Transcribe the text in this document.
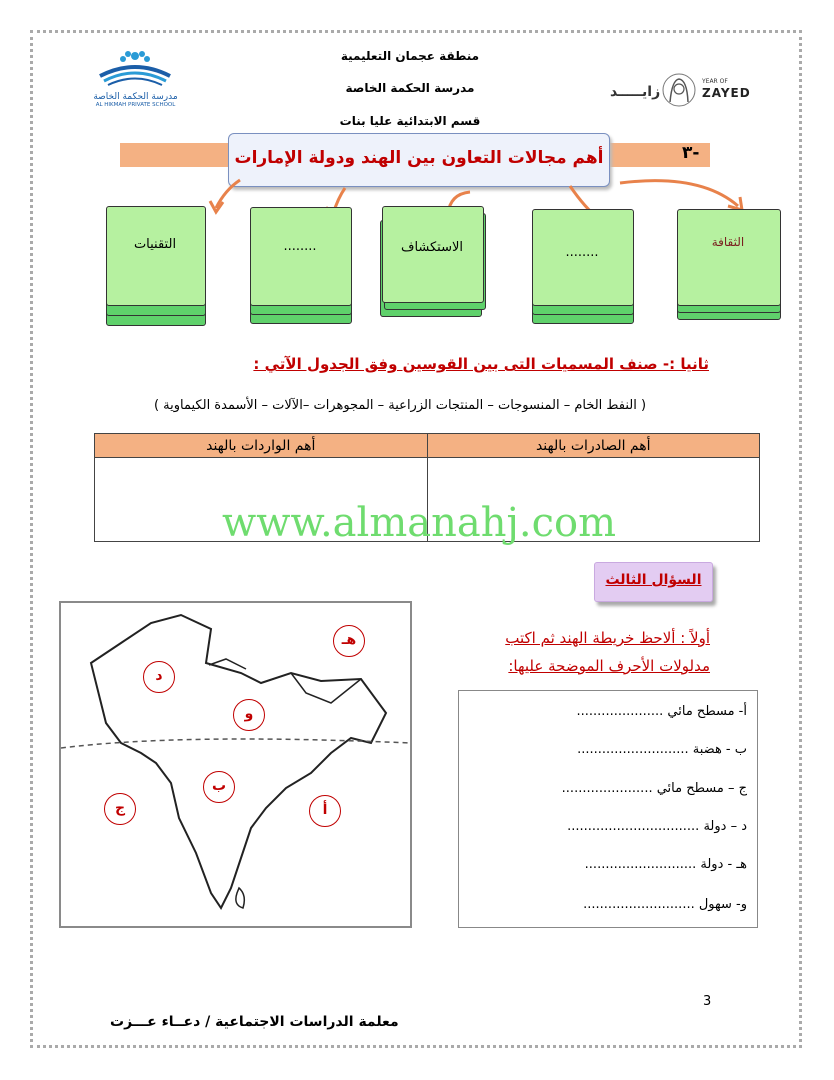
مدرسة الحكمة الخاصة
AL HIKMAH PRIVATE SCHOOL
منطقة عجمان التعليمية
مدرسة الحكمة الخاصة
قسم الابتدائية عليا بنات
زايـــــد
YEAR OF
ZAYED
-٣
أهم مجالات التعاون بين الهند ودولة الإمارات
الثقافة
........
الاستكشاف
........
التقنيات
ثانيا :- صنف المسميات التى بين القوسين وفق الجدول الآتي :
( النفط الخام – المنسوجات – المنتجات الزراعية – المجوهرات –الآلات – الأسمدة الكيماوية )
أهم الصادرات بالهند	أهم الواردات بالهند

www.almanahj.com
السؤال الثالث
أولاً : ألاحظ خريطة الهند ثم اكتب
مدلولات الأحرف الموضحة عليها:
هـ
د
و
ب
ج	أ
أ- مسطح مائي .....................
ب - هضبة ...........................
ج – مسطح مائي ......................
د – دولة ................................
هـ - دولة ...........................
و- سهول ...........................
3
معلمة الدراسات الاجتماعية / دعــاء عـــزت
